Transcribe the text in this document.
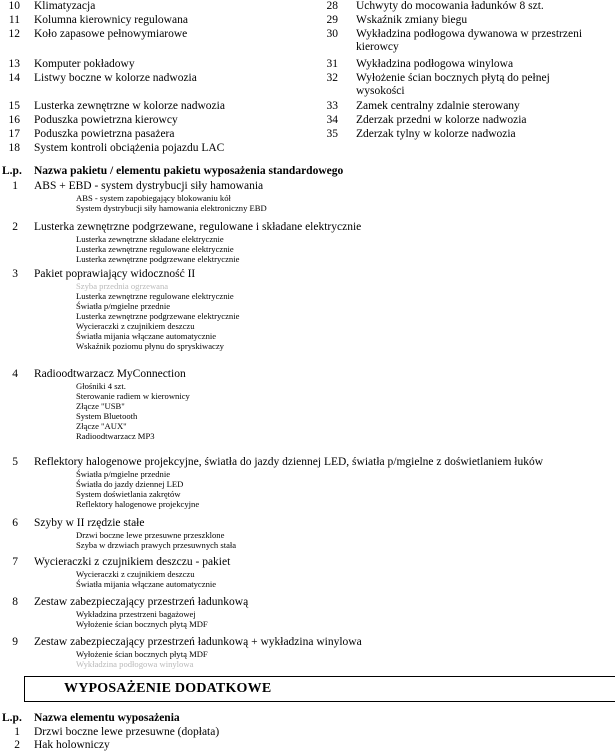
10 Klimatyzacja
11 Kolumna kierownicy regulowana
12 Koło zapasowe pełnowymiarowe
13 Komputer pokładowy
14 Listwy boczne w kolorze nadwozia
15 Lusterka zewnętrzne w kolorze nadwozia
16 Poduszka powietrzna kierowcy
17 Poduszka powietrzna pasażera
18 System kontroli obciążenia pojazdu LAC
28 Uchwyty do mocowania ładunków 8 szt.
29 Wskaźnik zmiany biegu
30 Wykładzina podłogowa dywanowa w przestrzeni kierowcy
31 Wykładzina podłogowa winylowa
32 Wyłożenie ścian bocznych płytą do pełnej wysokości
33 Zamek centralny zdalnie sterowany
34 Zderzak przedni w kolorze nadwozia
35 Zderzak tylny w kolorze nadwozia
L.p. Nazwa pakietu / elementu pakietu wyposażenia standardowego
1 ABS + EBD - system dystrybucji siły hamowania
ABS - system zapobiegający blokowaniu kół
System dystrybucji siły hamowania elektroniczny EBD
2 Lusterka zewnętrzne podgrzewane, regulowane i składane elektrycznie
Lusterka zewnętrzne składane elektrycznie
Lusterka zewnętrzne regulowane elektrycznie
Lusterka zewnętrzne podgrzewane elektrycznie
3 Pakiet poprawiający widoczność II
Szyba przednia ogrzewana
Lusterka zewnętrzne regulowane elektrycznie
Światła p/mgielne przednie
Lusterka zewnętrzne podgrzewane elektrycznie
Wycieraczki z czujnikiem deszczu
Światła mijania włączane automatycznie
Wskaźnik poziomu płynu do spryskiwaczy
4 Radioodtwarzacz MyConnection
Głośniki 4 szt.
Sterowanie radiem w kierownicy
Złącze "USB"
System Bluetooth
Złącze "AUX"
Radioodtwarzacz MP3
5 Reflektory halogenowe projekcyjne, światła do jazdy dziennej LED, światła p/mgielne z doświetlaniem łuków
Światła p/mgielne przednie
Światła do jazdy dziennej LED
System doświetlania zakrętów
Reflektory halogenowe projekcyjne
6 Szyby w II rzędzie stałe
Drzwi boczne lewe przesuwne przeszklone
Szyba w drzwiach prawych przesuwnych stała
7 Wycieraczki z czujnikiem deszczu - pakiet
Wycieraczki z czujnikiem deszczu
Światła mijania włączane automatycznie
8 Zestaw zabezpieczający przestrzeń ładunkową
Wykładzina przestrzeni bagażowej
Wyłożenie ścian bocznych płytą MDF
9 Zestaw zabezpieczający przestrzeń ładunkową + wykładzina winylowa
Wyłożenie ścian bocznych płytą MDF
Wykładzina podłogowa winylowa
WYPOSAŻENIE DODATKOWE
L.p. Nazwa elementu wyposażenia
1 Drzwi boczne lewe przesuwne (dopłata)
2 Hak holowniczy
